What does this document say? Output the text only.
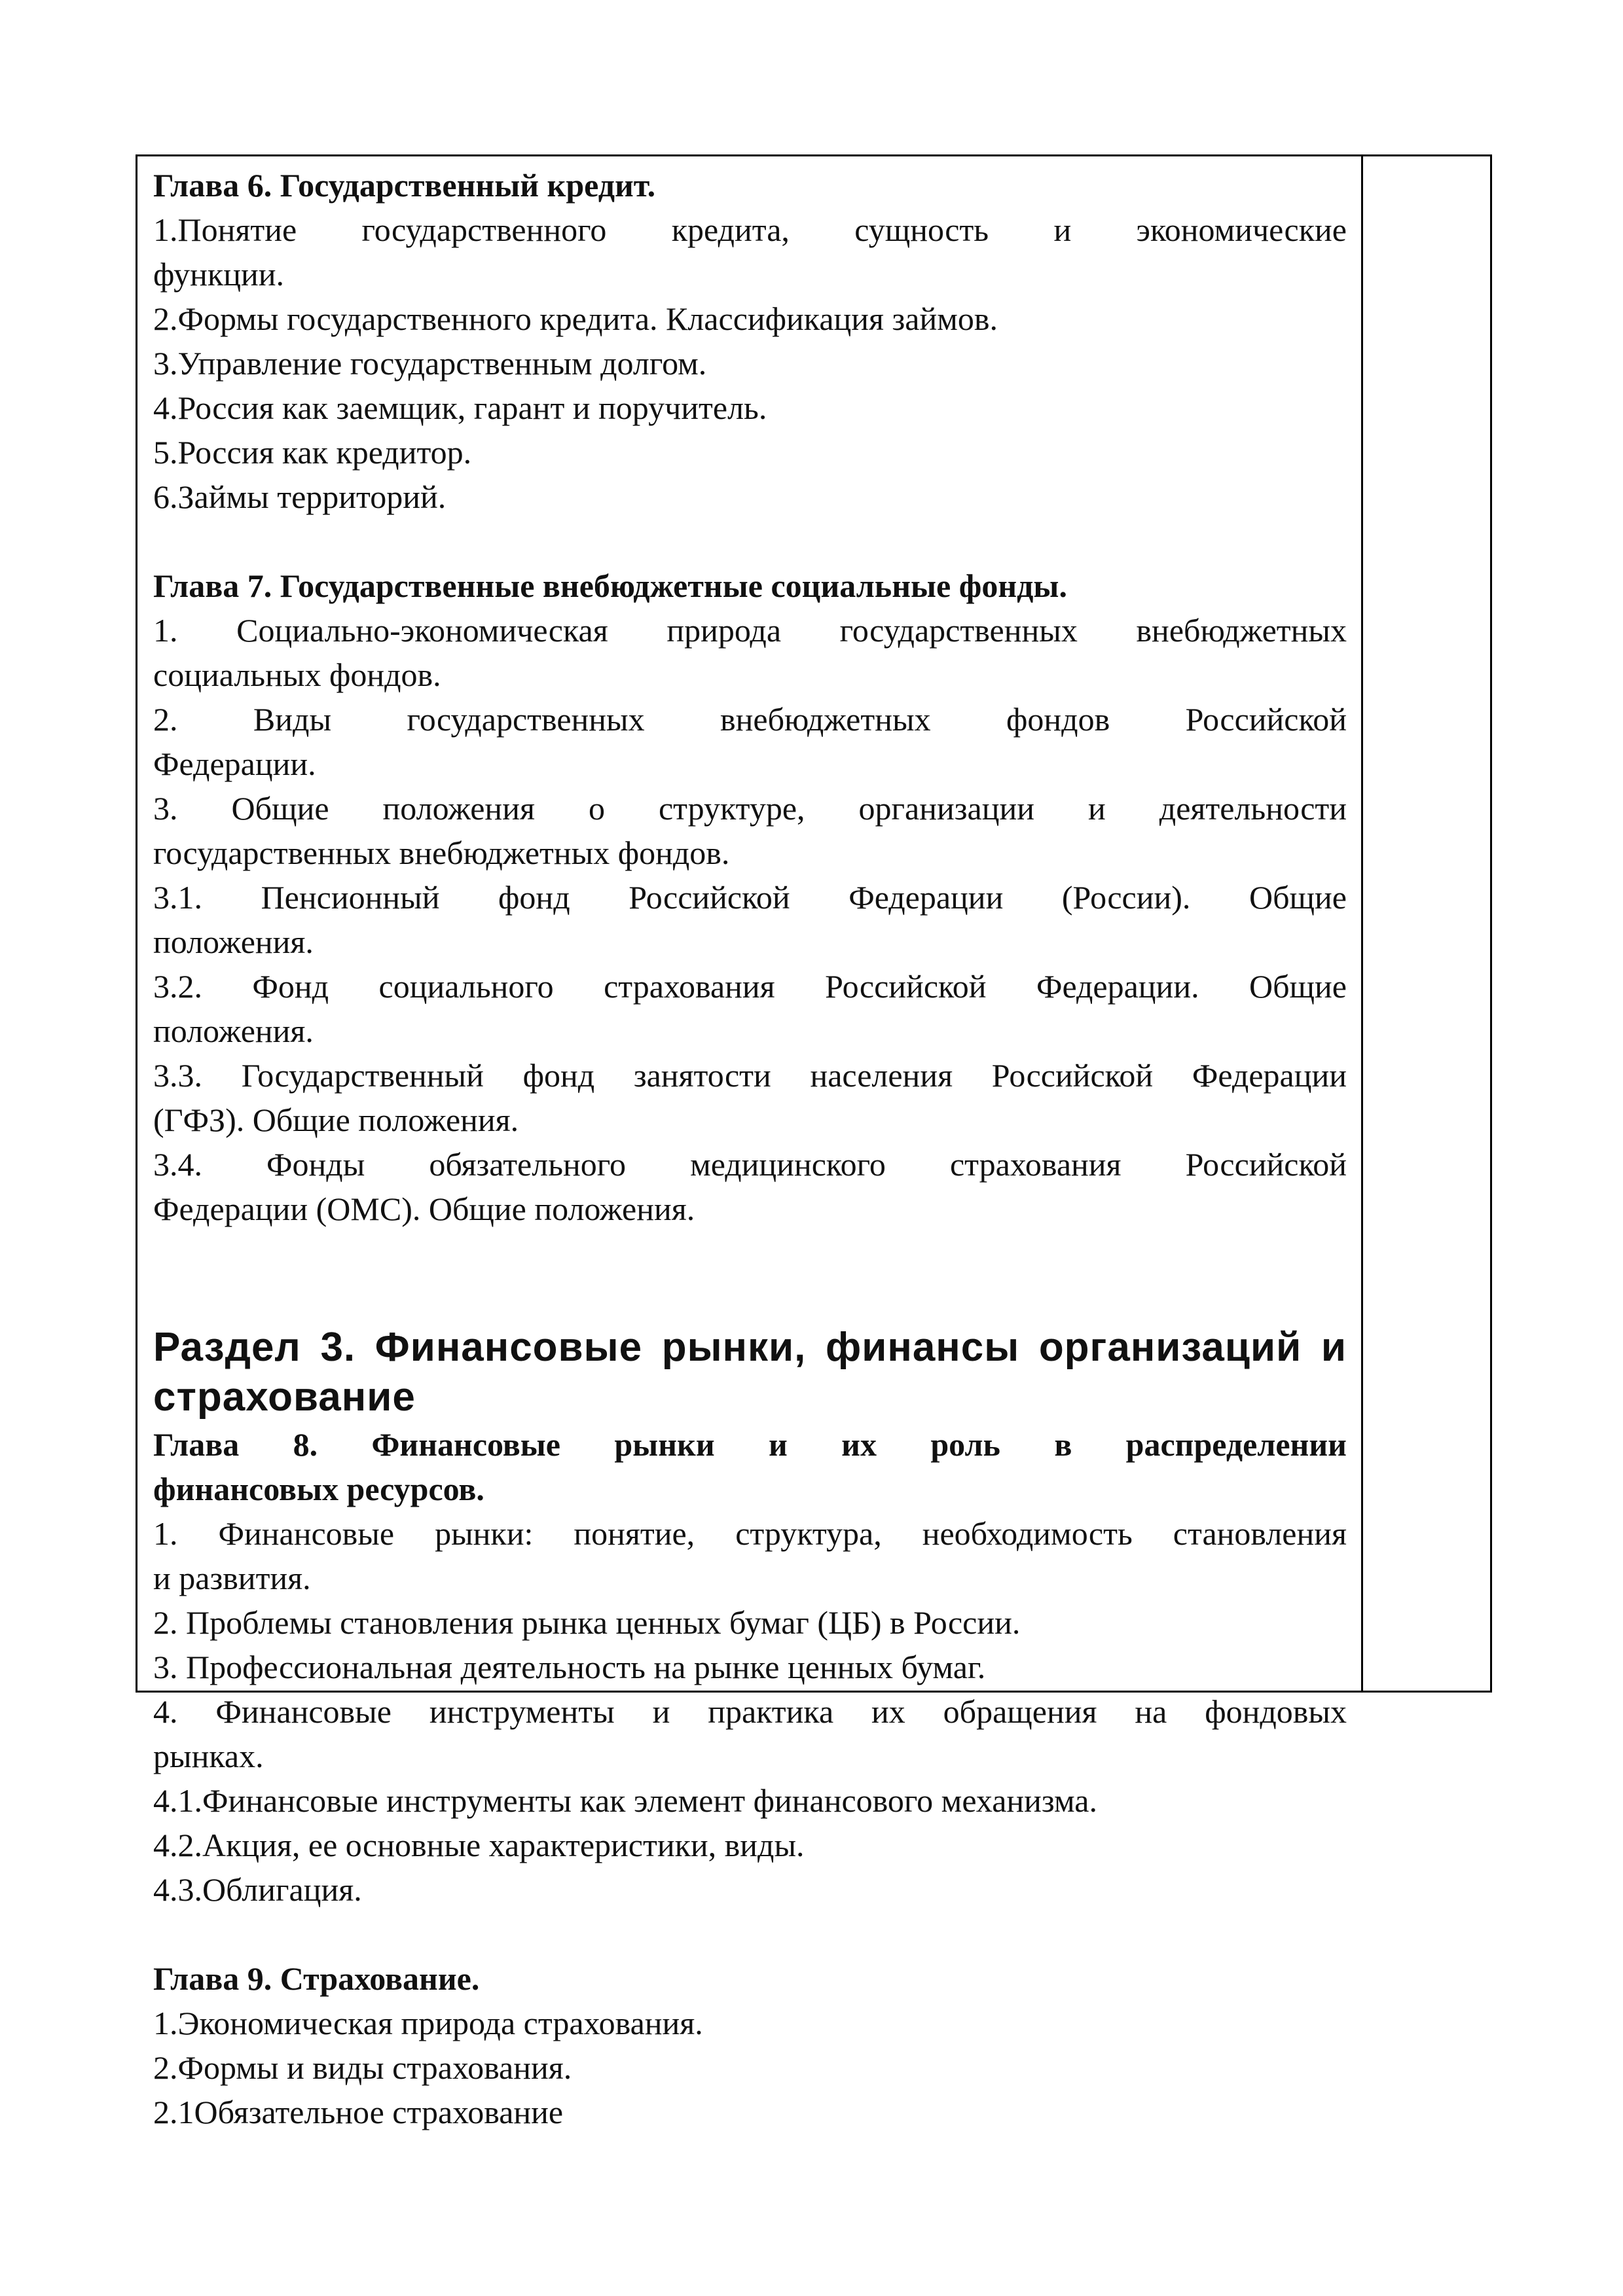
Глава 6. Государственный кредит.
1.Понятие государственного кредита, сущность и экономические
функции.
2.Формы государственного кредита. Классификация займов.
3.Управление государственным долгом.
4.Россия как заемщик, гарант и поручитель.
5.Россия как кредитор.
6.Займы территорий.
Глава 7. Государственные внебюджетные социальные фонды.
1. Социально-экономическая природа государственных внебюджетных
социальных фондов.
2. Виды государственных внебюджетных фондов Российской
Федерации.
3. Общие положения о структуре, организации и деятельности
государственных внебюджетных фондов.
3.1. Пенсионный фонд Российской Федерации (России). Общие
положения.
3.2. Фонд социального страхования Российской Федерации. Общие
положения.
3.3. Государственный фонд занятости населения Российской Федерации
(ГФЗ). Общие положения.
3.4. Фонды обязательного медицинского страхования Российской
Федерации (ОМС). Общие положения.
Раздел 3. Финансовые рынки, финансы организаций и
страхование
Глава 8. Финансовые рынки и их роль в распределении
финансовых ресурсов.
1. Финансовые рынки: понятие, структура, необходимость становления
и развития.
2. Проблемы становления рынка ценных бумаг (ЦБ) в России.
3. Профессиональная деятельность на рынке ценных бумаг.
4. Финансовые инструменты и практика их обращения на фондовых
рынках.
4.1.Финансовые инструменты как элемент финансового механизма.
4.2.Акция, ее основные характеристики, виды.
4.3.Облигация.
Глава 9. Страхование.
1.Экономическая природа страхования.
2.Формы и виды страхования.
2.1Обязательное страхование
